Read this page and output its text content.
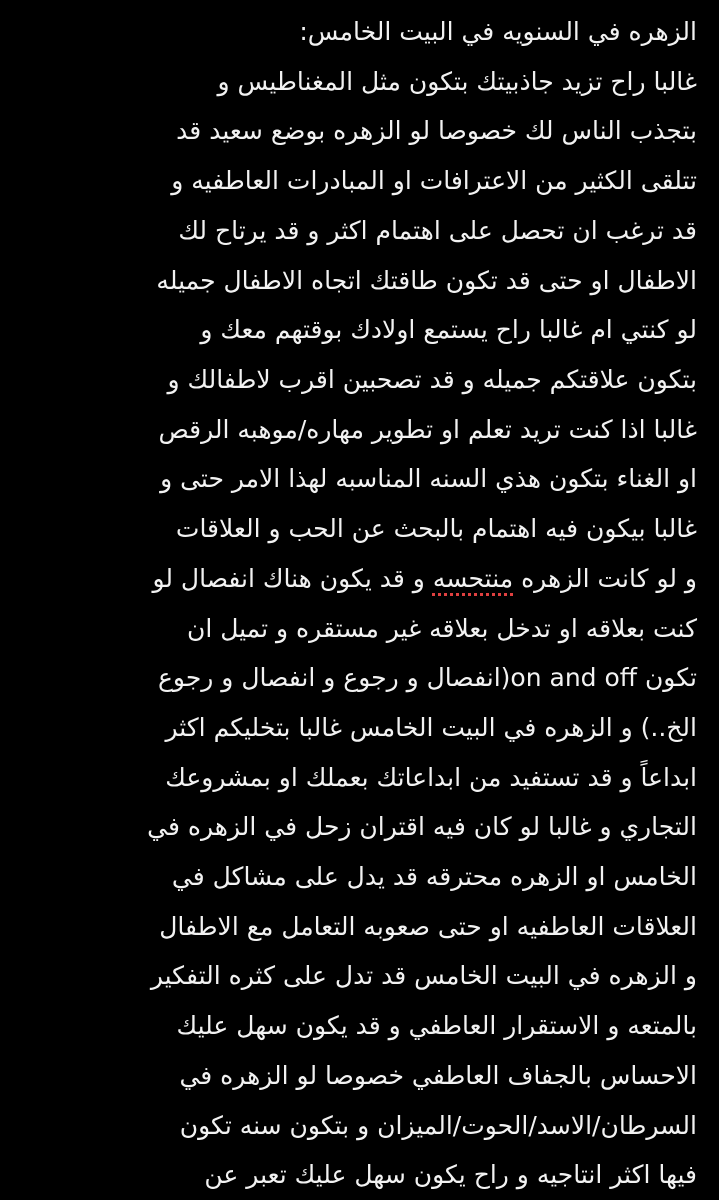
الزهره في السنويه في البيت الخامس:
غالبا راح تزيد جاذبيتك بتكون مثل المغناطيس و
بتجذب الناس لك خصوصا لو الزهره بوضع سعيد قد
تتلقى الكثير من الاعترافات او المبادرات العاطفيه و
قد ترغب ان تحصل على اهتمام اكثر و قد يرتاح لك
الاطفال او حتى قد تكون طاقتك اتجاه الاطفال جميله
لو كنتي ام غالبا راح يستمع اولادك بوقتهم معك و
بتكون علاقتكم جميله و قد تصحبين اقرب لاطفالك و
غالبا اذا كنت تريد تعلم او تطوير مهاره/موهبه الرقص
او الغناء بتكون هذي السنه المناسبه لهذا الامر حتى و
غالبا بيكون فيه اهتمام بالبحث عن الحب و العلاقات
و لو كانت الزهره منتحسه و قد يكون هناك انفصال لو
كنت بعلاقه او تدخل بعلاقه غير مستقره و تميل ان
تكون on and off(انفصال و رجوع و انفصال و رجوع
الخ..) و الزهره في البيت الخامس غالبا بتخليكم اكثر
ابداعاً و قد تستفيد من ابداعاتك بعملك او بمشروعك
التجاري و غالبا لو كان فيه اقتران زحل في الزهره في
الخامس او الزهره محترقه قد يدل على مشاكل في
العلاقات العاطفيه او حتى صعوبه التعامل مع الاطفال
و الزهره في البيت الخامس قد تدل على كثره التفكير
بالمتعه و الاستقرار العاطفي و قد يكون سهل عليك
الاحساس بالجفاف العاطفي خصوصا لو الزهره في
السرطان/الاسد/الحوت/الميزان و بتكون سنه تكون
فيها اكثر انتاجيه و راح يكون سهل عليك تعبر عن
